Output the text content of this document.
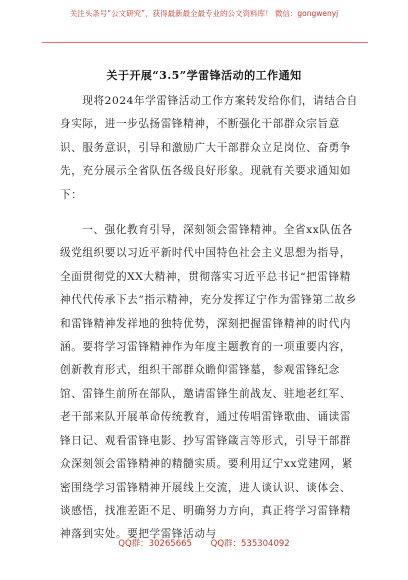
关注头条号“公文研究”，获得最新最全最专业的公文资料库！ 微信：gongwenyj
关于开展“3.5”学雷锋活动的工作通知

现将2024年学雷锋活动工作方案转发给你们，请结合自身实际，进一步弘扬雷锋精神，不断强化干部群众宗旨意识、服务意识，引导和激励广大干部群众立足岗位、奋勇争先，充分展示全省队伍各级良好形象。现就有关要求通知如下：

一、强化教育引导，深刻领会雷锋精神。全省xx队伍各级党组织要以习近平新时代中国特色社会主义思想为指导，全面贯彻党的XX大精神，贯彻落实习近平总书记“把雷锋精神代代传承下去”指示精神，充分发挥辽宁作为雷锋第二故乡和雷锋精神发祥地的独特优势，深刻把握雷锋精神的时代内涵。要将学习雷锋精神作为年度主题教育的一项重要内容，创新教育形式，组织干部群众瞻仰雷锋墓，参观雷锋纪念馆、雷锋生前所在部队，邀请雷锋生前战友、驻地老红军、老干部来队开展革命传统教育，通过传唱雷锋歌曲、诵读雷锋日记、观看雷锋电影、抄写雷锋箴言等形式，引导干部群众深刻领会雷锋精神的精髓实质。要利用辽宁xx党建网，紧密围绕学习雷锋精神开展线上交流，进人谈认识、谈体会、谈感悟，找准差距不足、明确努力方向，真正将学习雷锋精神落到实处。要把学雷锋活动与

QQ群：30265665 QQ群：535304092
